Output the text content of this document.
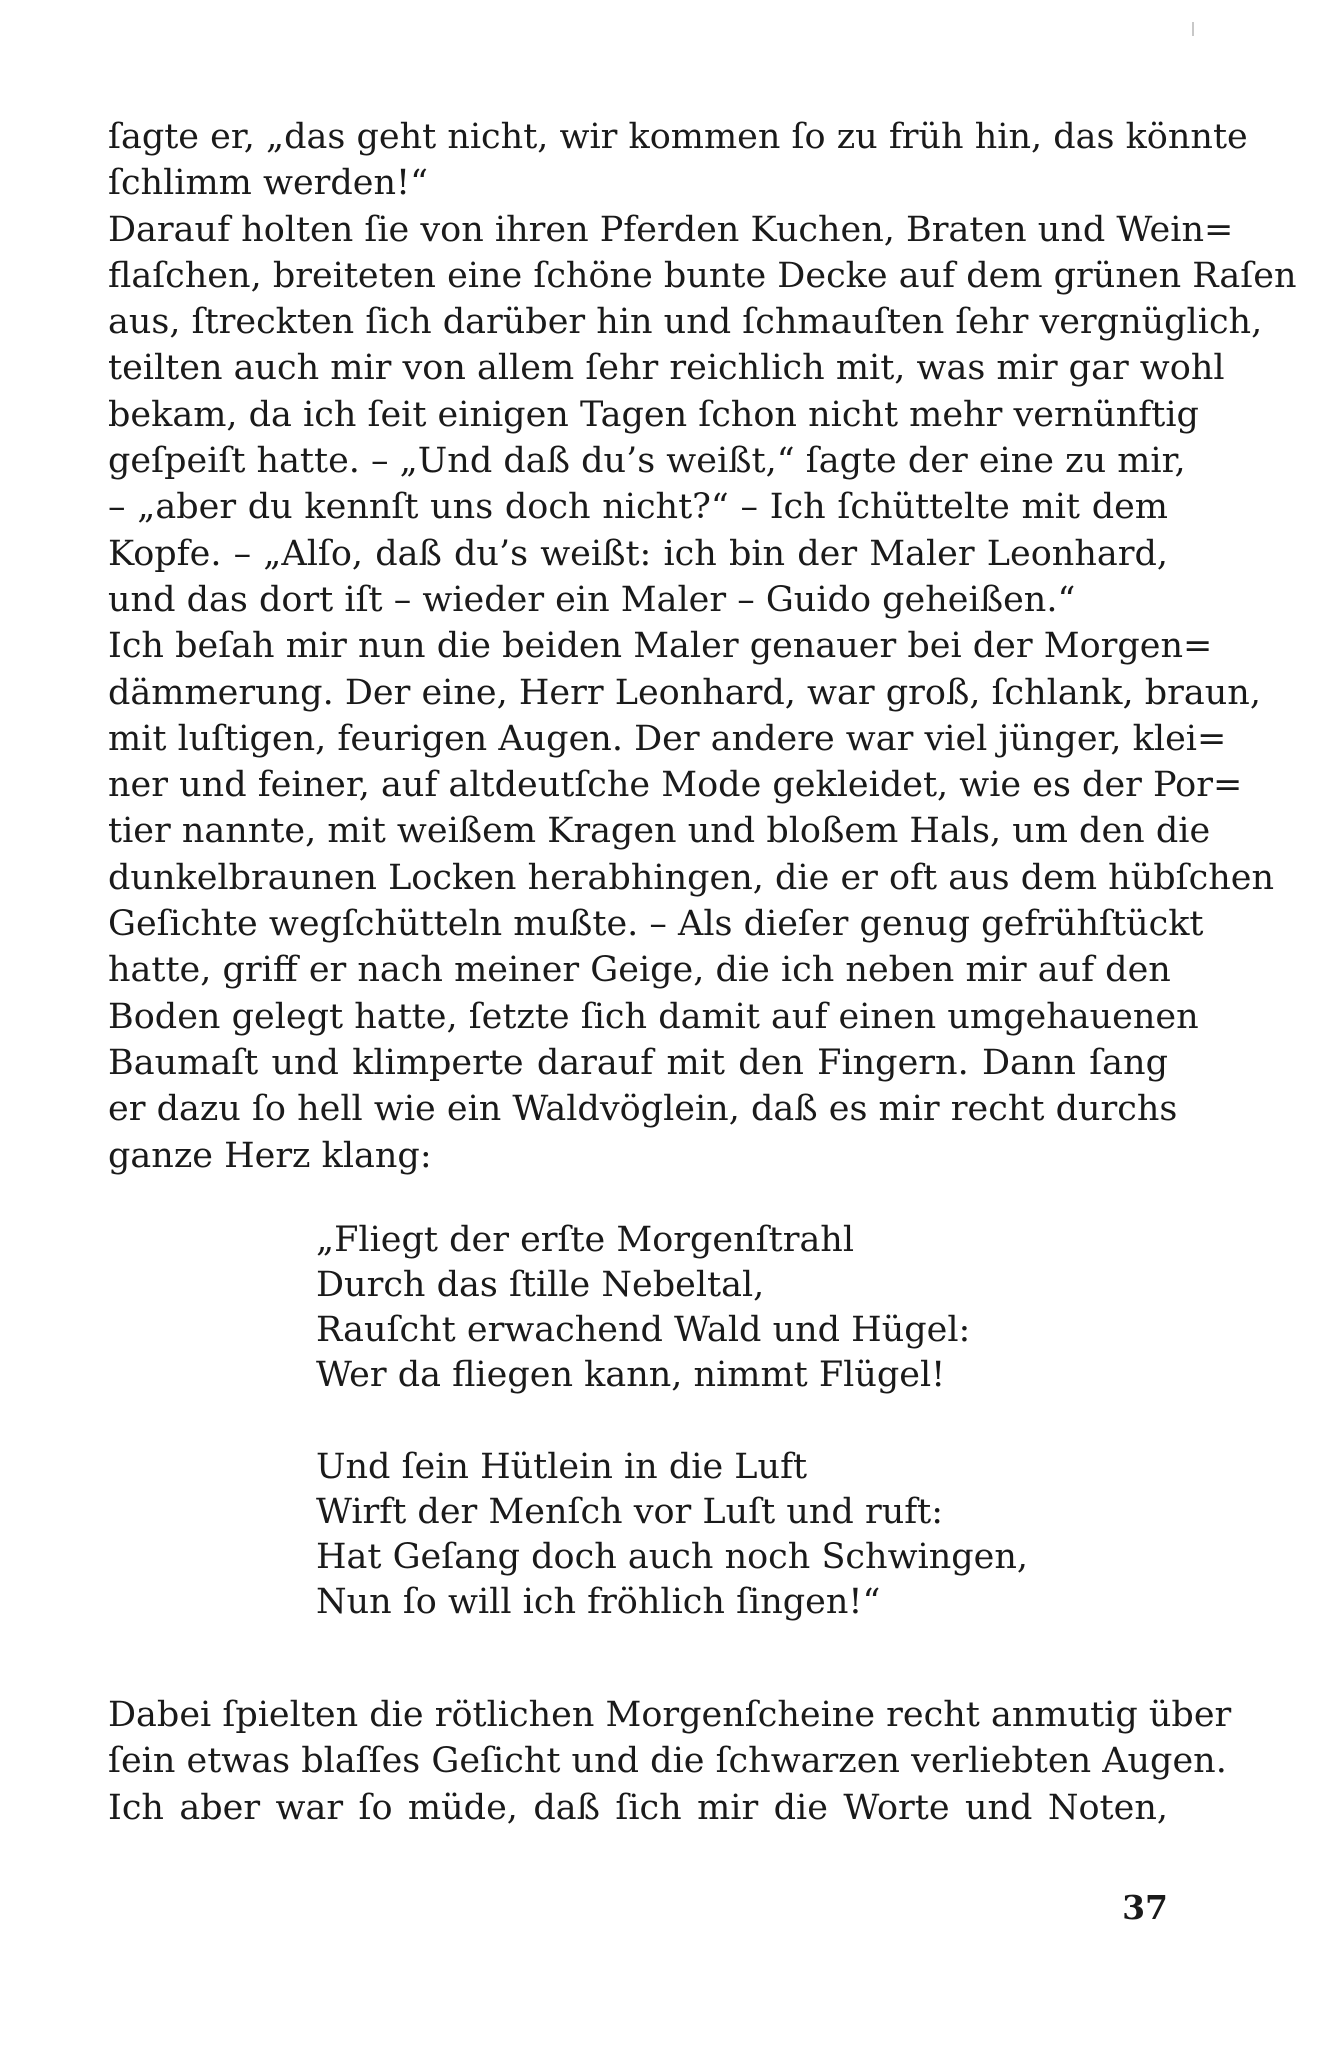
ſagte er, „das geht nicht, wir kommen ſo zu früh hin, das könnte
ſchlimm werden!“
Darauf holten ſie von ihren Pferden Kuchen, Braten und Wein=
flaſchen, breiteten eine ſchöne bunte Decke auf dem grünen Raſen
aus, ſtreckten ſich darüber hin und ſchmauſten ſehr vergnüglich,
teilten auch mir von allem ſehr reichlich mit, was mir gar wohl
bekam, da ich ſeit einigen Tagen ſchon nicht mehr vernünftig
geſpeiſt hatte. – „Und daß du’s weißt,“ ſagte der eine zu mir,
– „aber du kennſt uns doch nicht?“ – Ich ſchüttelte mit dem
Kopfe. – „Alſo, daß du’s weißt: ich bin der Maler Leonhard,
und das dort iſt – wieder ein Maler – Guido geheißen.“
Ich beſah mir nun die beiden Maler genauer bei der Morgen=
dämmerung. Der eine, Herr Leonhard, war groß, ſchlank, braun,
mit luſtigen, feurigen Augen. Der andere war viel jünger, klei=
ner und feiner, auf altdeutſche Mode gekleidet, wie es der Por=
tier nannte, mit weißem Kragen und bloßem Hals, um den die
dunkelbraunen Locken herabhingen, die er oft aus dem hübſchen
Geſichte wegſchütteln mußte. – Als dieſer genug gefrühſtückt
hatte, griff er nach meiner Geige, die ich neben mir auf den
Boden gelegt hatte, ſetzte ſich damit auf einen umgehauenen
Baumaſt und klimperte darauf mit den Fingern. Dann ſang
er dazu ſo hell wie ein Waldvöglein, daß es mir recht durchs
ganze Herz klang:
„Fliegt der erſte Morgenſtrahl
Durch das ſtille Nebeltal,
Rauſcht erwachend Wald und Hügel:
Wer da fliegen kann, nimmt Flügel!
Und ſein Hütlein in die Luft
Wirft der Menſch vor Luſt und ruft:
Hat Geſang doch auch noch Schwingen,
Nun ſo will ich fröhlich ſingen!“
Dabei ſpielten die rötlichen Morgenſcheine recht anmutig über
ſein etwas blaſſes Geſicht und die ſchwarzen verliebten Augen.
Ich aber war ſo müde, daß ſich mir die Worte und Noten,
37
